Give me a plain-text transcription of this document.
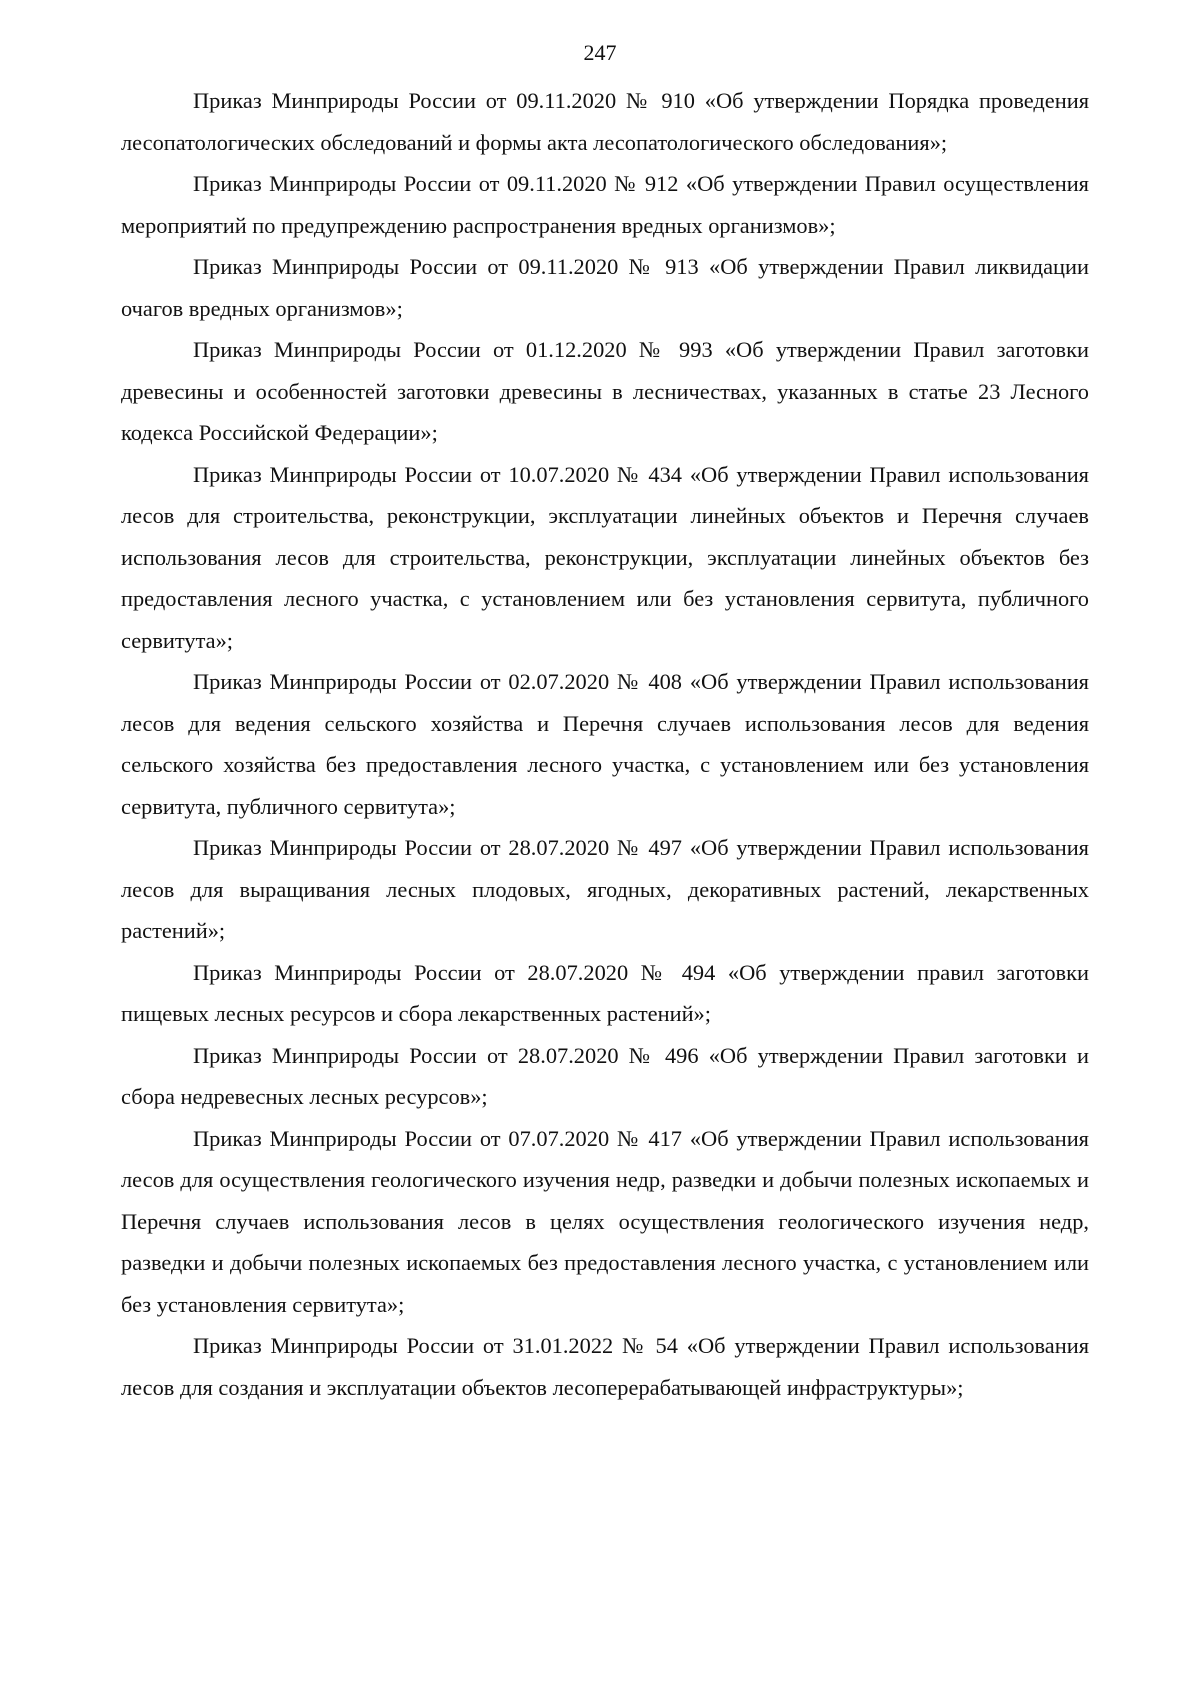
247

Приказ Минприроды России от 09.11.2020 № 910 «Об утверждении Порядка проведения лесопатологических обследований и формы акта лесопатологического обследования»;

Приказ Минприроды России от 09.11.2020 № 912 «Об утверждении Правил осуществления мероприятий по предупреждению распространения вредных организмов»;

Приказ Минприроды России от 09.11.2020 № 913 «Об утверждении Правил ликвидации очагов вредных организмов»;

Приказ Минприроды России от 01.12.2020 № 993 «Об утверждении Правил заготовки древесины и особенностей заготовки древесины в лесничествах, указанных в статье 23 Лесного кодекса Российской Федерации»;

Приказ Минприроды России от 10.07.2020 № 434 «Об утверждении Правил использования лесов для строительства, реконструкции, эксплуатации линейных объектов и Перечня случаев использования лесов для строительства, реконструкции, эксплуатации линейных объектов без предоставления лесного участка, с установлением или без установления сервитута, публичного сервитута»;

Приказ Минприроды России от 02.07.2020 № 408 «Об утверждении Правил использования лесов для ведения сельского хозяйства и Перечня случаев использования лесов для ведения сельского хозяйства без предоставления лесного участка, с установлением или без установления сервитута, публичного сервитута»;

Приказ Минприроды России от 28.07.2020 № 497 «Об утверждении Правил использования лесов для выращивания лесных плодовых, ягодных, декоративных растений, лекарственных растений»;

Приказ Минприроды России от 28.07.2020 № 494 «Об утверждении правил заготовки пищевых лесных ресурсов и сбора лекарственных растений»;

Приказ Минприроды России от 28.07.2020 № 496 «Об утверждении Правил заготовки и сбора недревесных лесных ресурсов»;

Приказ Минприроды России от 07.07.2020 № 417 «Об утверждении Правил использования лесов для осуществления геологического изучения недр, разведки и добычи полезных ископаемых и Перечня случаев использования лесов в целях осуществления геологического изучения недр, разведки и добычи полезных ископаемых без предоставления лесного участка, с установлением или без установления сервитута»;

Приказ Минприроды России от 31.01.2022 № 54 «Об утверждении Правил использования лесов для создания и эксплуатации объектов лесоперерабатывающей инфраструктуры»;
